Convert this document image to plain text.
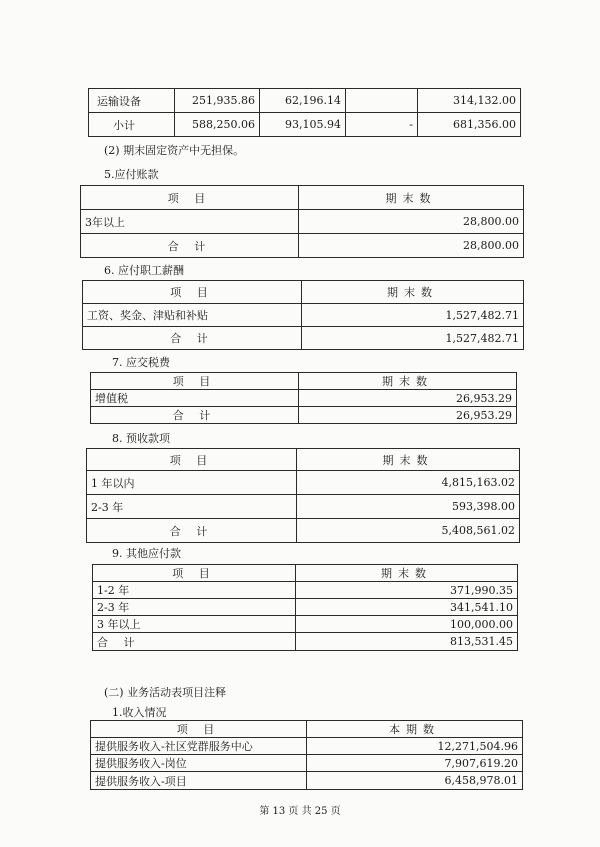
运输设备	251,935.86	62,196.14		314,132.00
小计	588,250.06	93,105.94	-	681,356.00
(2) 期末固定资产中无担保。
5.应付账款
项 目	期末数
3年以上	28,800.00
合 计	28,800.00
6. 应付职工薪酬
项 目	期末数
工资、奖金、津贴和补贴	1,527,482.71
合 计	1,527,482.71
7. 应交税费
项 目	期末数
增值税	26,953.29
合 计	26,953.29
8. 预收款项
项 目	期末数
1 年以内	4,815,163.02
2-3 年	593,398.00
合 计	5,408,561.02
9. 其他应付款
项 目	期末数
1-2 年	371,990.35
2-3 年	341,541.10
3 年以上	100,000.00
合 计	813,531.45
(二) 业务活动表项目注释
1.收入情况
项 目	本期数
提供服务收入-社区党群服务中心	12,271,504.96
提供服务收入-岗位	7,907,619.20
提供服务收入-项目	6,458,978.01
第 13 页 共 25 页
